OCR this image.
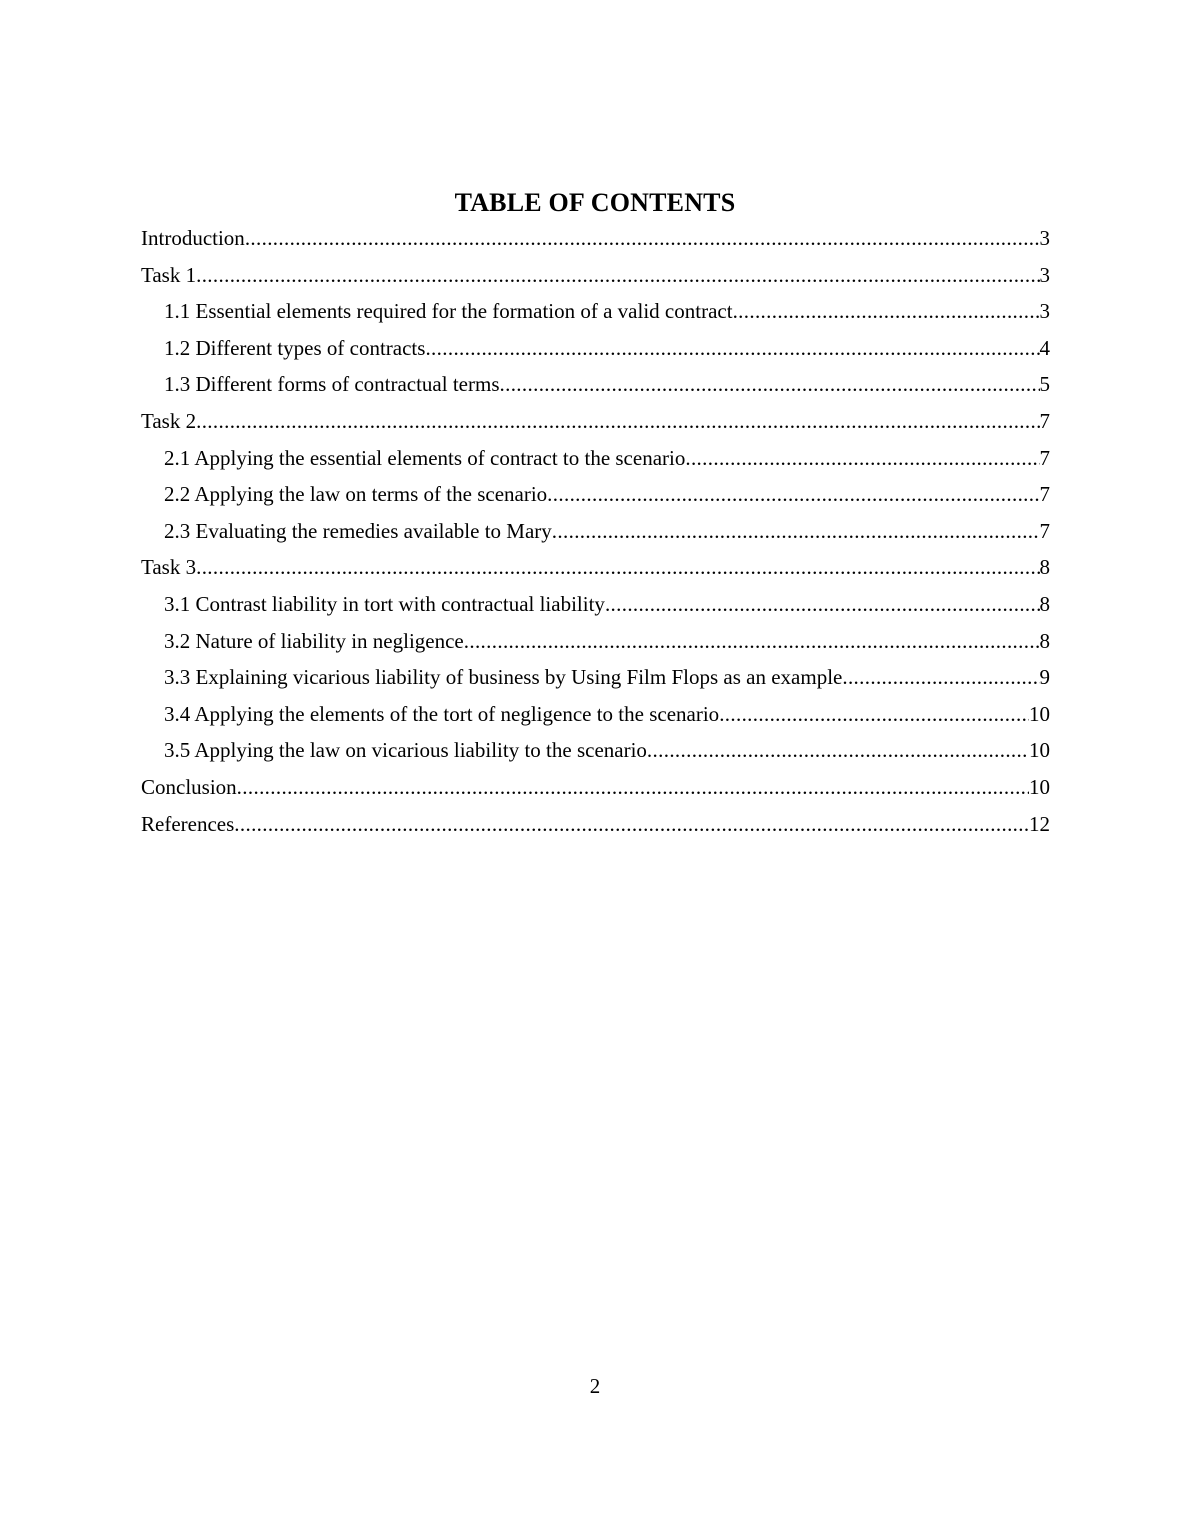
TABLE OF CONTENTS
Introduction .....	3
Task 1 .....	3
1.1 Essential elements required for the formation of a valid contract .....	3
1.2 Different types of contracts .....	4
1.3 Different forms of contractual terms .....	5
Task 2 .....	7
2.1 Applying the essential elements of contract to the scenario .....	7
2.2 Applying the law on terms of the scenario .....	7
2.3 Evaluating the remedies available to Mary .....	7
Task 3 .....	8
3.1 Contrast liability in tort with contractual liability .....	8
3.2 Nature of liability in negligence .....	8
3.3 Explaining vicarious liability of business by Using Film Flops as an example .....	9
3.4 Applying the elements of the tort of negligence to the scenario .....	10
3.5 Applying the law on vicarious liability to the scenario .....	10
Conclusion .....	10
References .....	12
2
